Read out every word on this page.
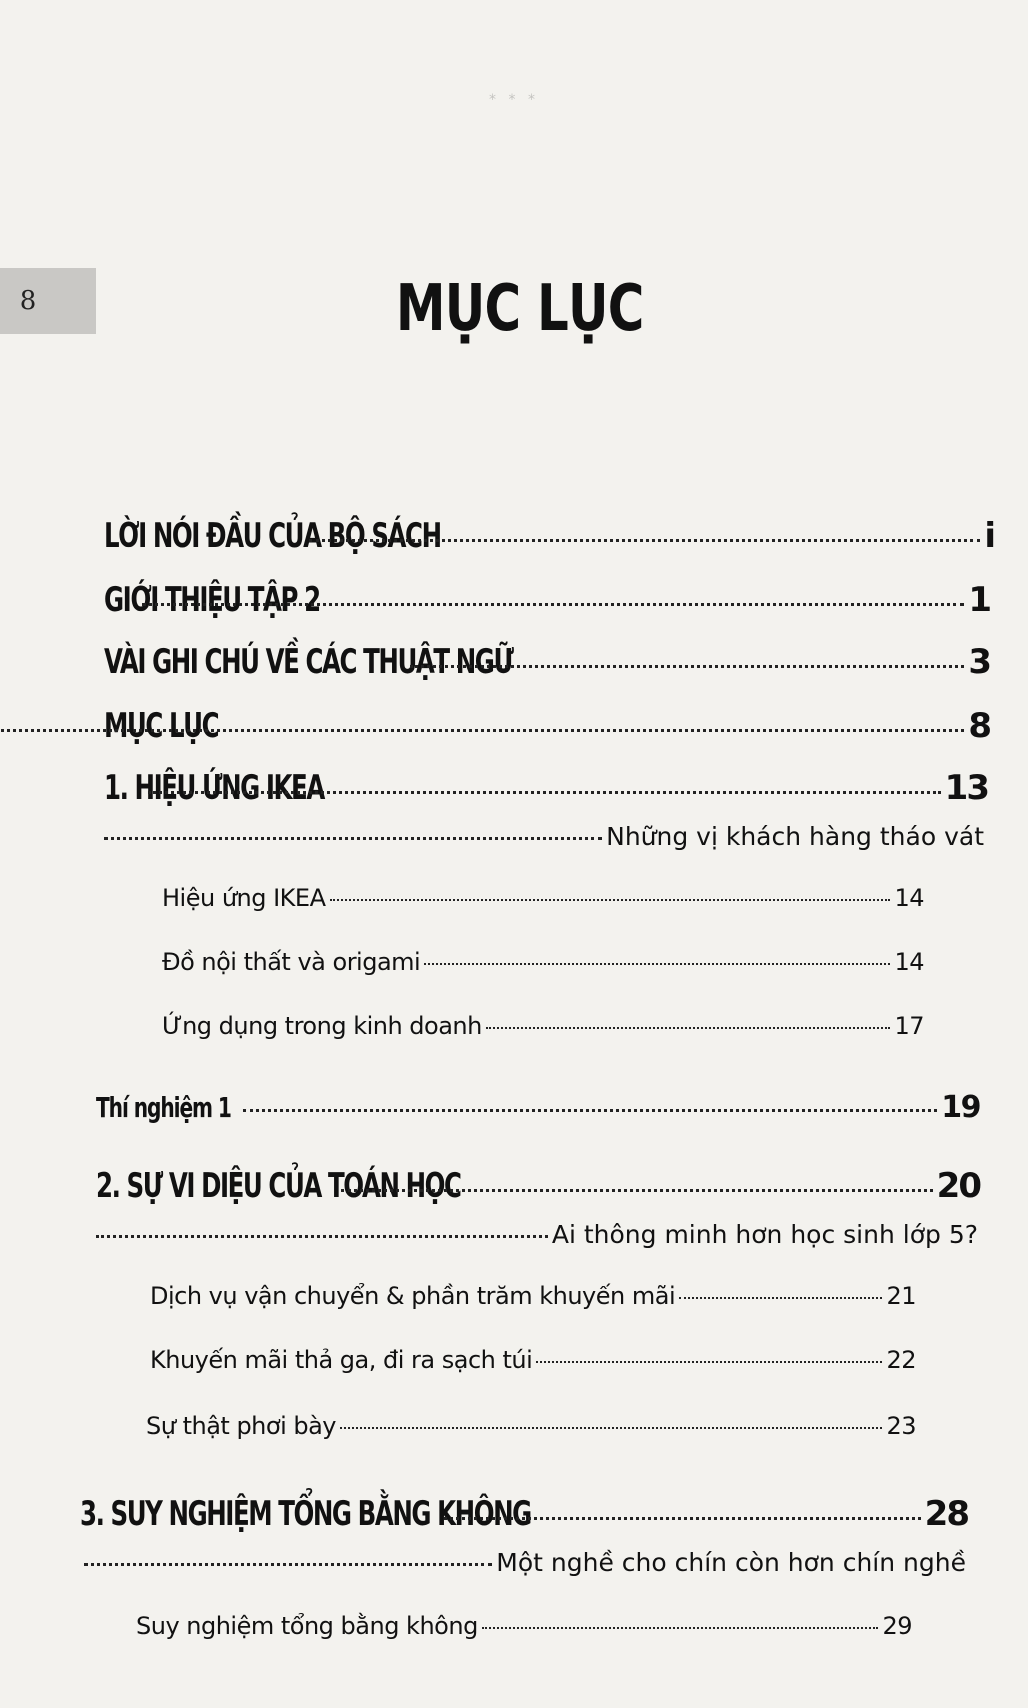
* * *
8	MỤC LỤC
LỜI NÓI ĐẦU CỦA BỘ SÁCH	i
GIỚI THIỆU TẬP 2	1
VÀI GHI CHÚ VỀ CÁC THUẬT NGỮ	3
MỤC LỤC	8
1. HIỆU ỨNG IKEA	13
Những vị khách hàng tháo vát
Hiệu ứng IKEA	14
Đồ nội thất và origami	14
Ứng dụng trong kinh doanh	17
Thí nghiệm 1	19
2. SỰ VI DIỆU CỦA TOÁN HỌC	20
Ai thông minh hơn học sinh lớp 5?
Dịch vụ vận chuyển & phần trăm khuyến mãi	21
Khuyến mãi thả ga, đi ra sạch túi	22
Sự thật phơi bày	23
3. SUY NGHIỆM TỔNG BẰNG KHÔNG	28
Một nghề cho chín còn hơn chín nghề
Suy nghiệm tổng bằng không	29
